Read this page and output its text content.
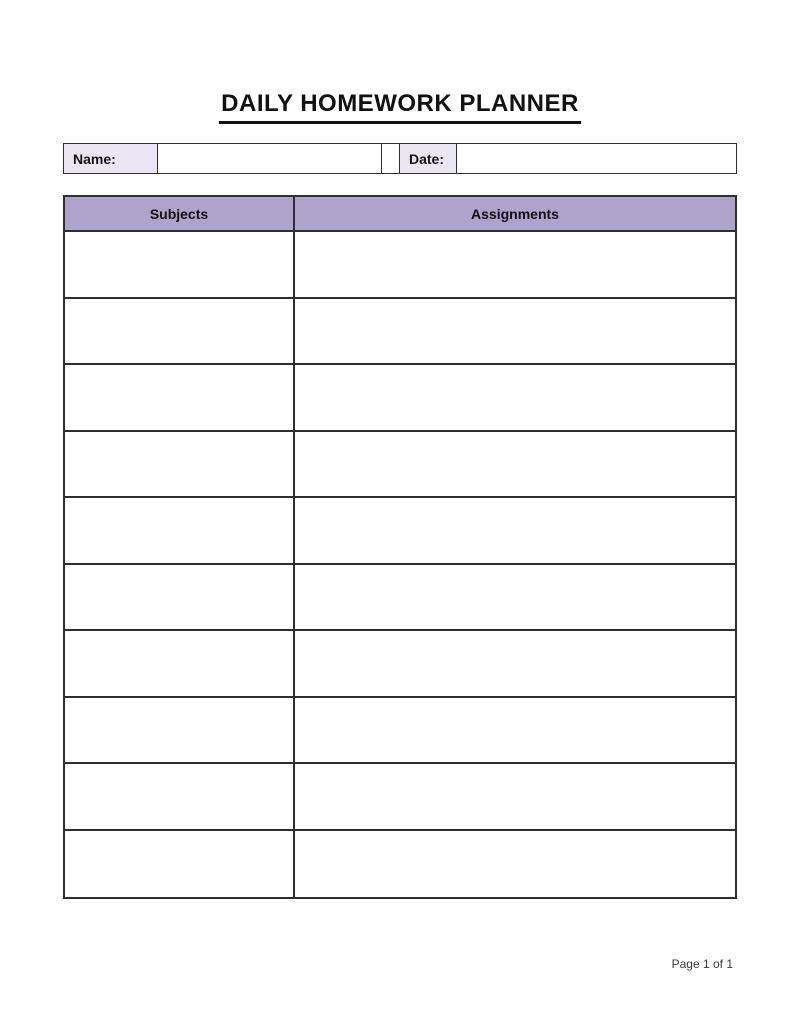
DAILY HOMEWORK PLANNER
Name:	Date:
Subjects	Assignments
Page 1 of 1
